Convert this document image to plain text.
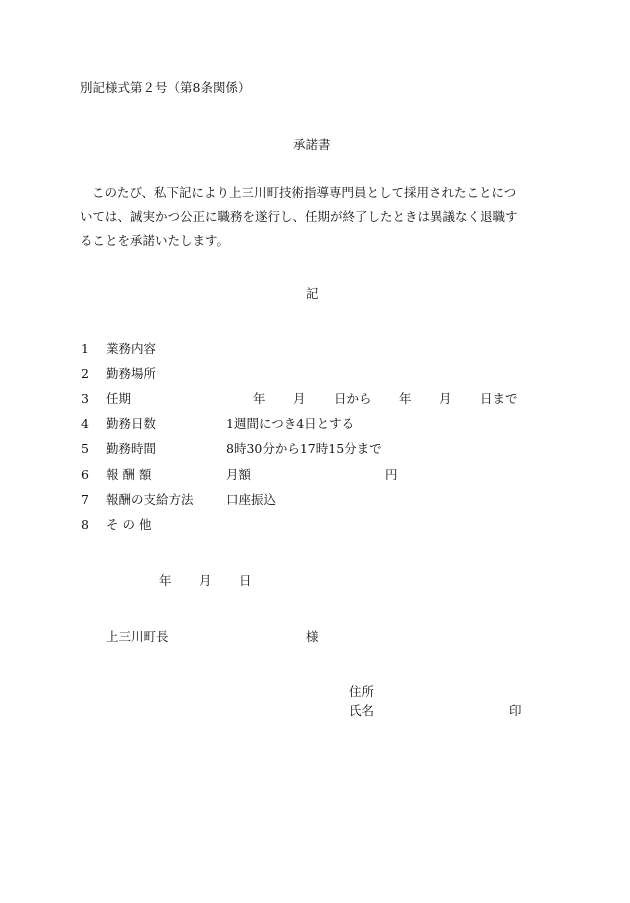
別記様式第２号（第8条関係）
承諾書
このたび、私下記により上三川町技術指導専門員として採用されたことにつ
いては、誠実かつ公正に職務を遂行し、任期が終了したときは異議なく退職す
ることを承諾いたします。
記
1 業務内容
2 勤務場所
3 任期	年 月 日から 年 月 日まで
4 勤務日数	1週間につき4日とする
5 勤務時間	8時30分から17時15分まで
6 報 酬 額	月額	円
7 報酬の支給方法	口座振込
8 そ の 他
年 月 日
上三川町長	様
住所
氏名	印
